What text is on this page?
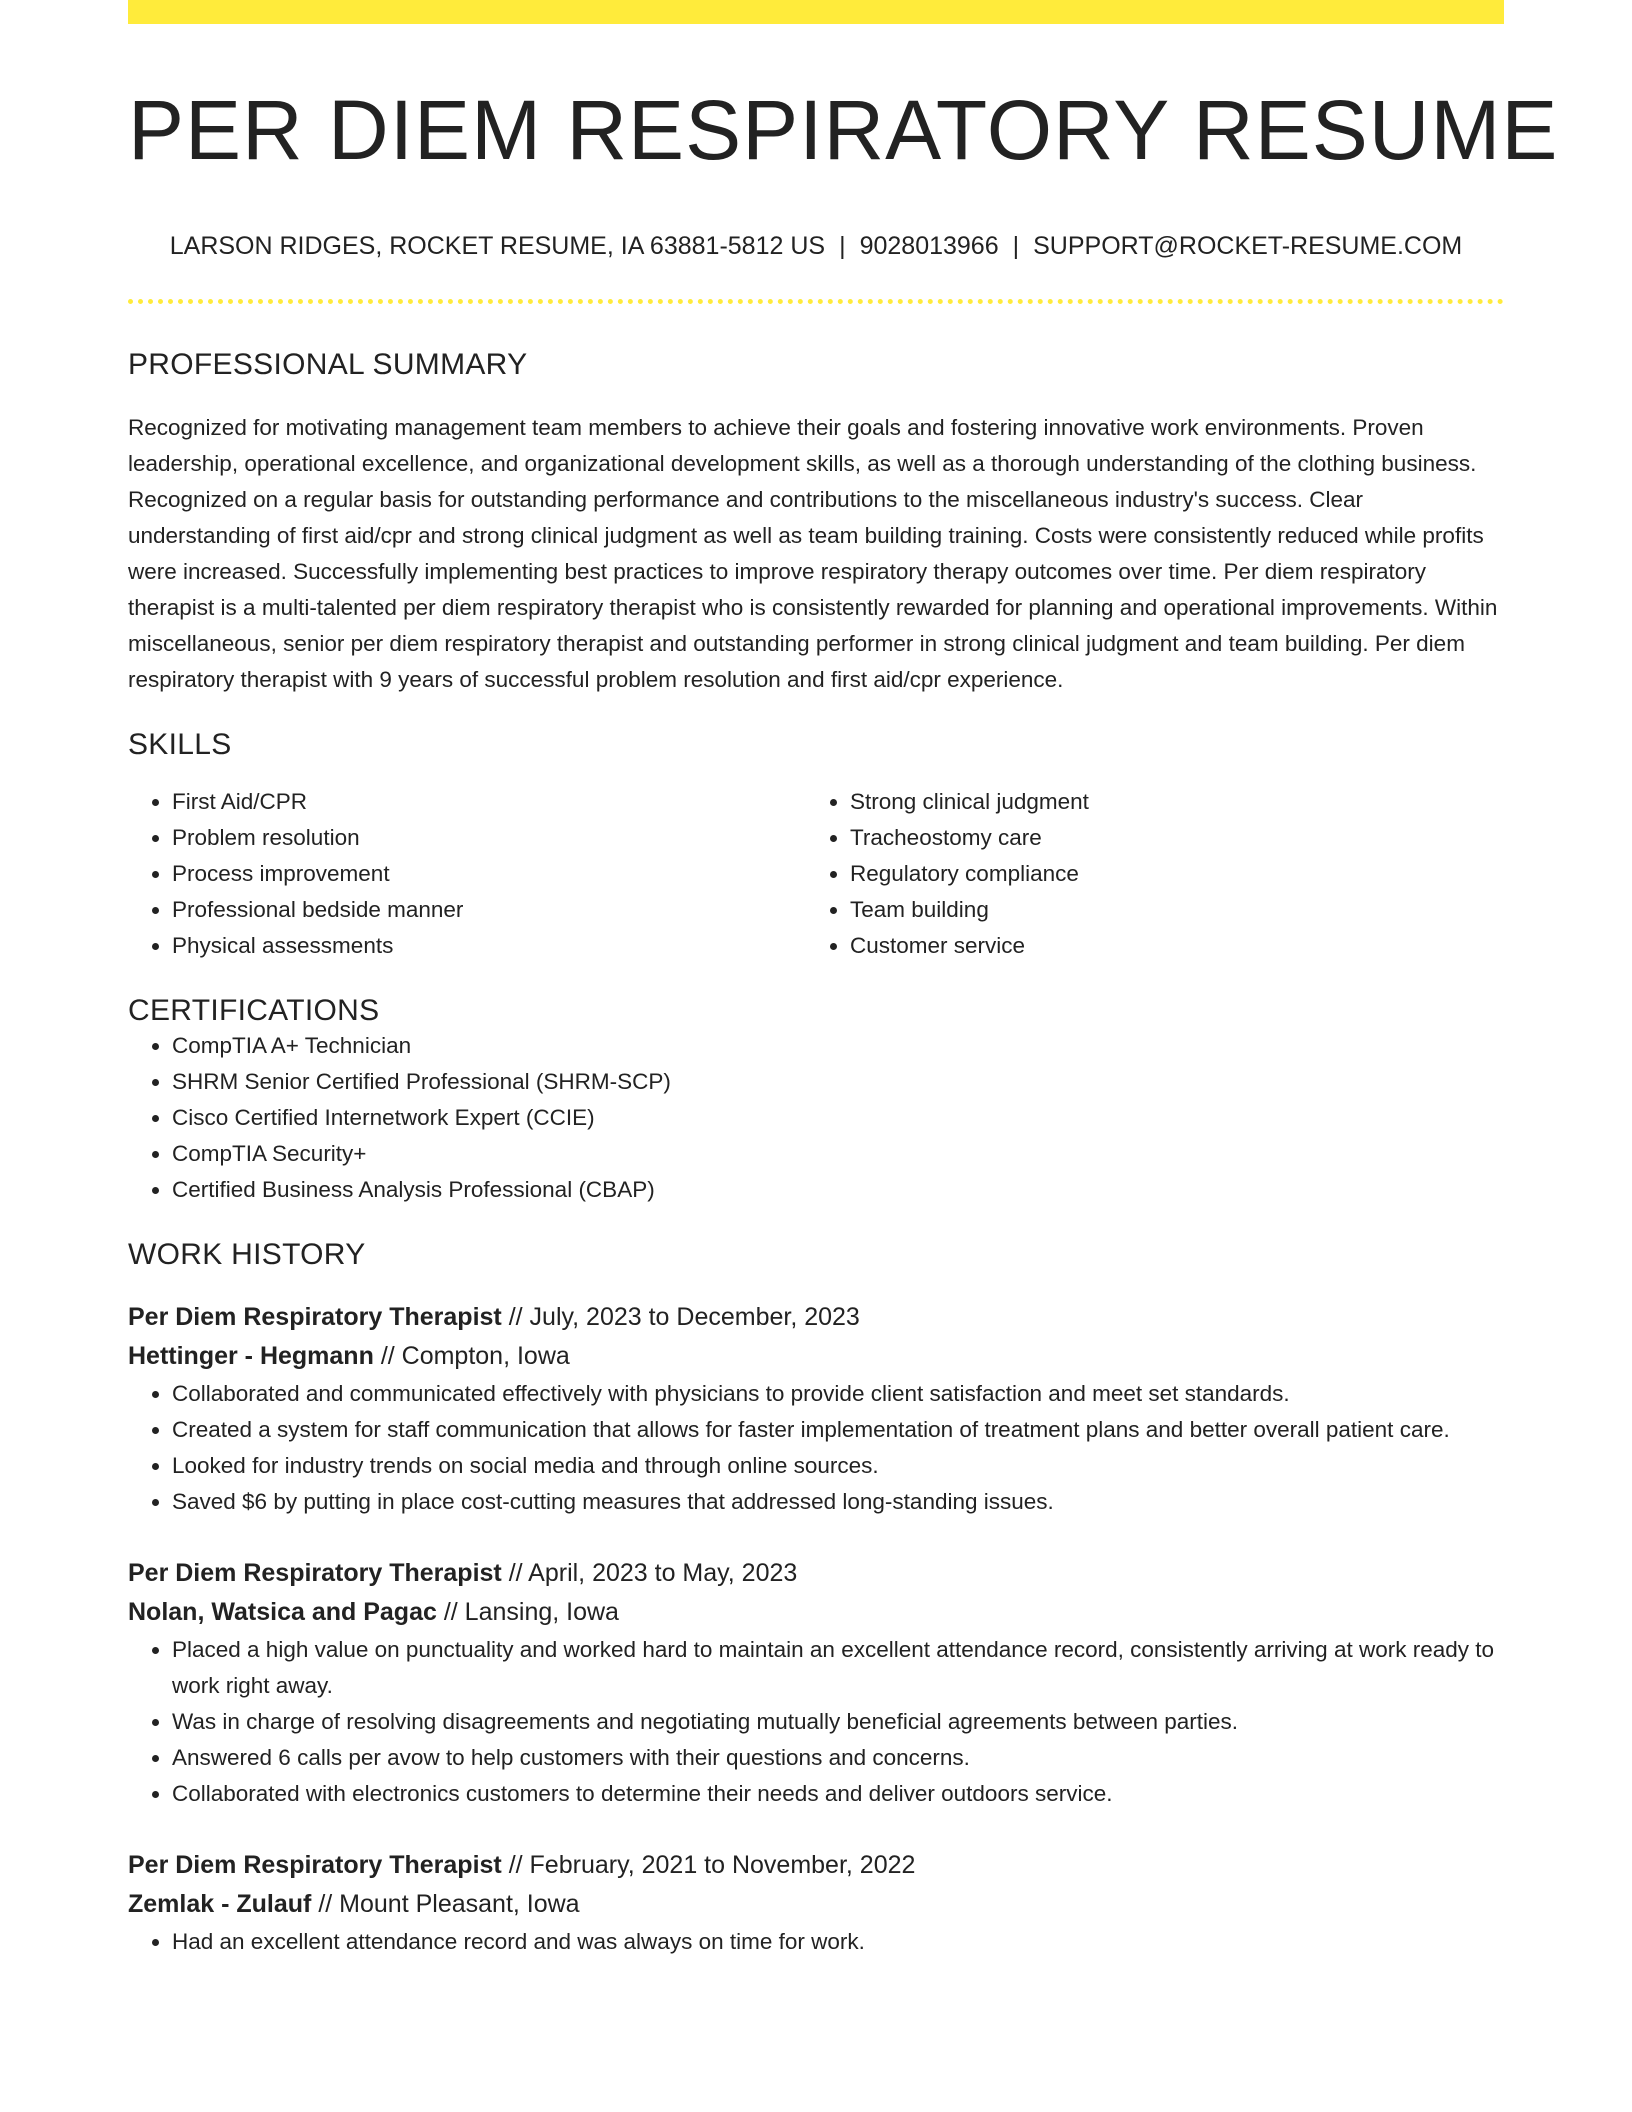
PER DIEM RESPIRATORY RESUME
LARSON RIDGES, ROCKET RESUME, IA 63881-5812 US | 9028013966 | SUPPORT@ROCKET-RESUME.COM
PROFESSIONAL SUMMARY

Recognized for motivating management team members to achieve their goals and fostering innovative work environments. Proven leadership, operational excellence, and organizational development skills, as well as a thorough understanding of the clothing business. Recognized on a regular basis for outstanding performance and contributions to the miscellaneous industry's success. Clear understanding of first aid/cpr and strong clinical judgment as well as team building training. Costs were consistently reduced while profits were increased. Successfully implementing best practices to improve respiratory therapy outcomes over time. Per diem respiratory therapist is a multi-talented per diem respiratory therapist who is consistently rewarded for planning and operational improvements. Within miscellaneous, senior per diem respiratory therapist and outstanding performer in strong clinical judgment and team building. Per diem respiratory therapist with 9 years of successful problem resolution and first aid/cpr experience.

SKILLS
• First Aid/CPR
• Problem resolution
• Process improvement
• Professional bedside manner
• Physical assessments
• Strong clinical judgment
• Tracheostomy care
• Regulatory compliance
• Team building
• Customer service
CERTIFICATIONS
• CompTIA A+ Technician
• SHRM Senior Certified Professional (SHRM-SCP)
• Cisco Certified Internetwork Expert (CCIE)
• CompTIA Security+
• Certified Business Analysis Professional (CBAP)
WORK HISTORY
Per Diem Respiratory Therapist // July, 2023 to December, 2023
Hettinger - Hegmann // Compton, Iowa
• Collaborated and communicated effectively with physicians to provide client satisfaction and meet set standards.
• Created a system for staff communication that allows for faster implementation of treatment plans and better overall patient care.
• Looked for industry trends on social media and through online sources.
• Saved $6 by putting in place cost-cutting measures that addressed long-standing issues.
Per Diem Respiratory Therapist // April, 2023 to May, 2023
Nolan, Watsica and Pagac // Lansing, Iowa
• Placed a high value on punctuality and worked hard to maintain an excellent attendance record, consistently arriving at work ready to work right away.
• Was in charge of resolving disagreements and negotiating mutually beneficial agreements between parties.
• Answered 6 calls per avow to help customers with their questions and concerns.
• Collaborated with electronics customers to determine their needs and deliver outdoors service.
Per Diem Respiratory Therapist // February, 2021 to November, 2022
Zemlak - Zulauf // Mount Pleasant, Iowa
• Had an excellent attendance record and was always on time for work.
